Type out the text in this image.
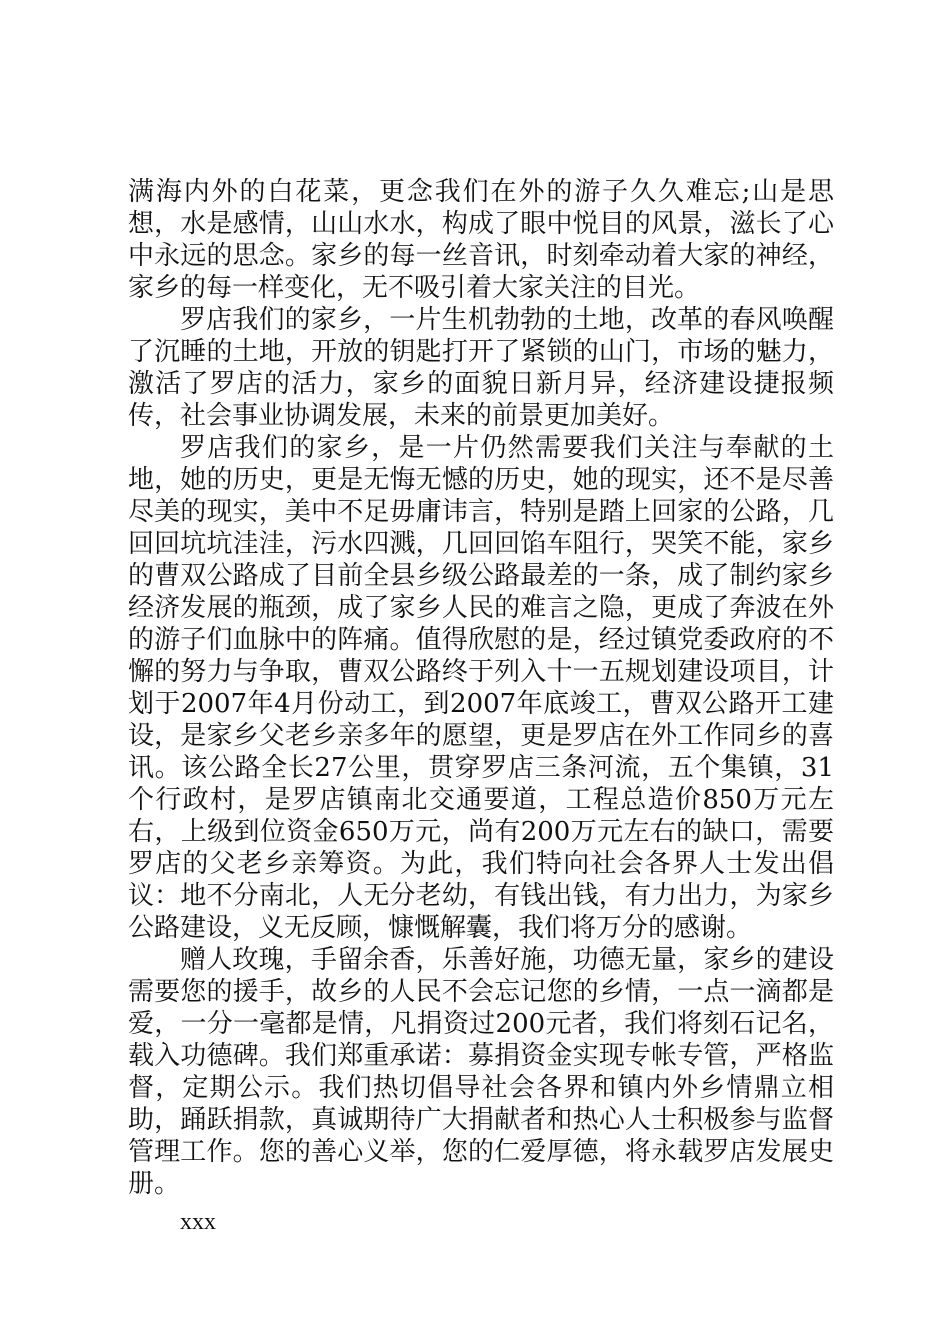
满海内外的白花菜，更念我们在外的游子久久难忘;山是思想，水是感情，山山水水，构成了眼中悦目的风景，滋长了心中永远的思念。家乡的每一丝音讯，时刻牵动着大家的神经，家乡的每一样变化，无不吸引着大家关注的目光。

罗店我们的家乡，一片生机勃勃的土地，改革的春风唤醒了沉睡的土地，开放的钥匙打开了紧锁的山门，市场的魅力，激活了罗店的活力，家乡的面貌日新月异，经济建设捷报频传，社会事业协调发展，未来的前景更加美好。

罗店我们的家乡，是一片仍然需要我们关注与奉献的土地，她的历史，更是无悔无憾的历史，她的现实，还不是尽善尽美的现实，美中不足毋庸讳言，特别是踏上回家的公路，几回回坑坑洼洼，污水四溅，几回回馅车阻行，哭笑不能，家乡的曹双公路成了目前全县乡级公路最差的一条，成了制约家乡经济发展的瓶颈，成了家乡人民的难言之隐，更成了奔波在外的游子们血脉中的阵痛。值得欣慰的是，经过镇党委政府的不懈的努力与争取，曹双公路终于列入十一五规划建设项目，计划于2007年4月份动工，到2007年底竣工，曹双公路开工建设，是家乡父老乡亲多年的愿望，更是罗店在外工作同乡的喜讯。该公路全长27公里，贯穿罗店三条河流，五个集镇，31个行政村，是罗店镇南北交通要道，工程总造价850万元左右，上级到位资金650万元，尚有200万元左右的缺口，需要罗店的父老乡亲筹资。为此，我们特向社会各界人士发出倡议：地不分南北，人无分老幼，有钱出钱，有力出力，为家乡公路建设，义无反顾，慷慨解囊，我们将万分的感谢。

赠人玫瑰，手留余香，乐善好施，功德无量，家乡的建设需要您的援手，故乡的人民不会忘记您的乡情，一点一滴都是爱，一分一毫都是情，凡捐资过200元者，我们将刻石记名，载入功德碑。我们郑重承诺：募捐资金实现专帐专管，严格监督，定期公示。我们热切倡导社会各界和镇内外乡情鼎立相助，踊跃捐款，真诚期待广大捐献者和热心人士积极参与监督管理工作。您的善心义举，您的仁爱厚德，将永载罗店发展史册。

xxx
